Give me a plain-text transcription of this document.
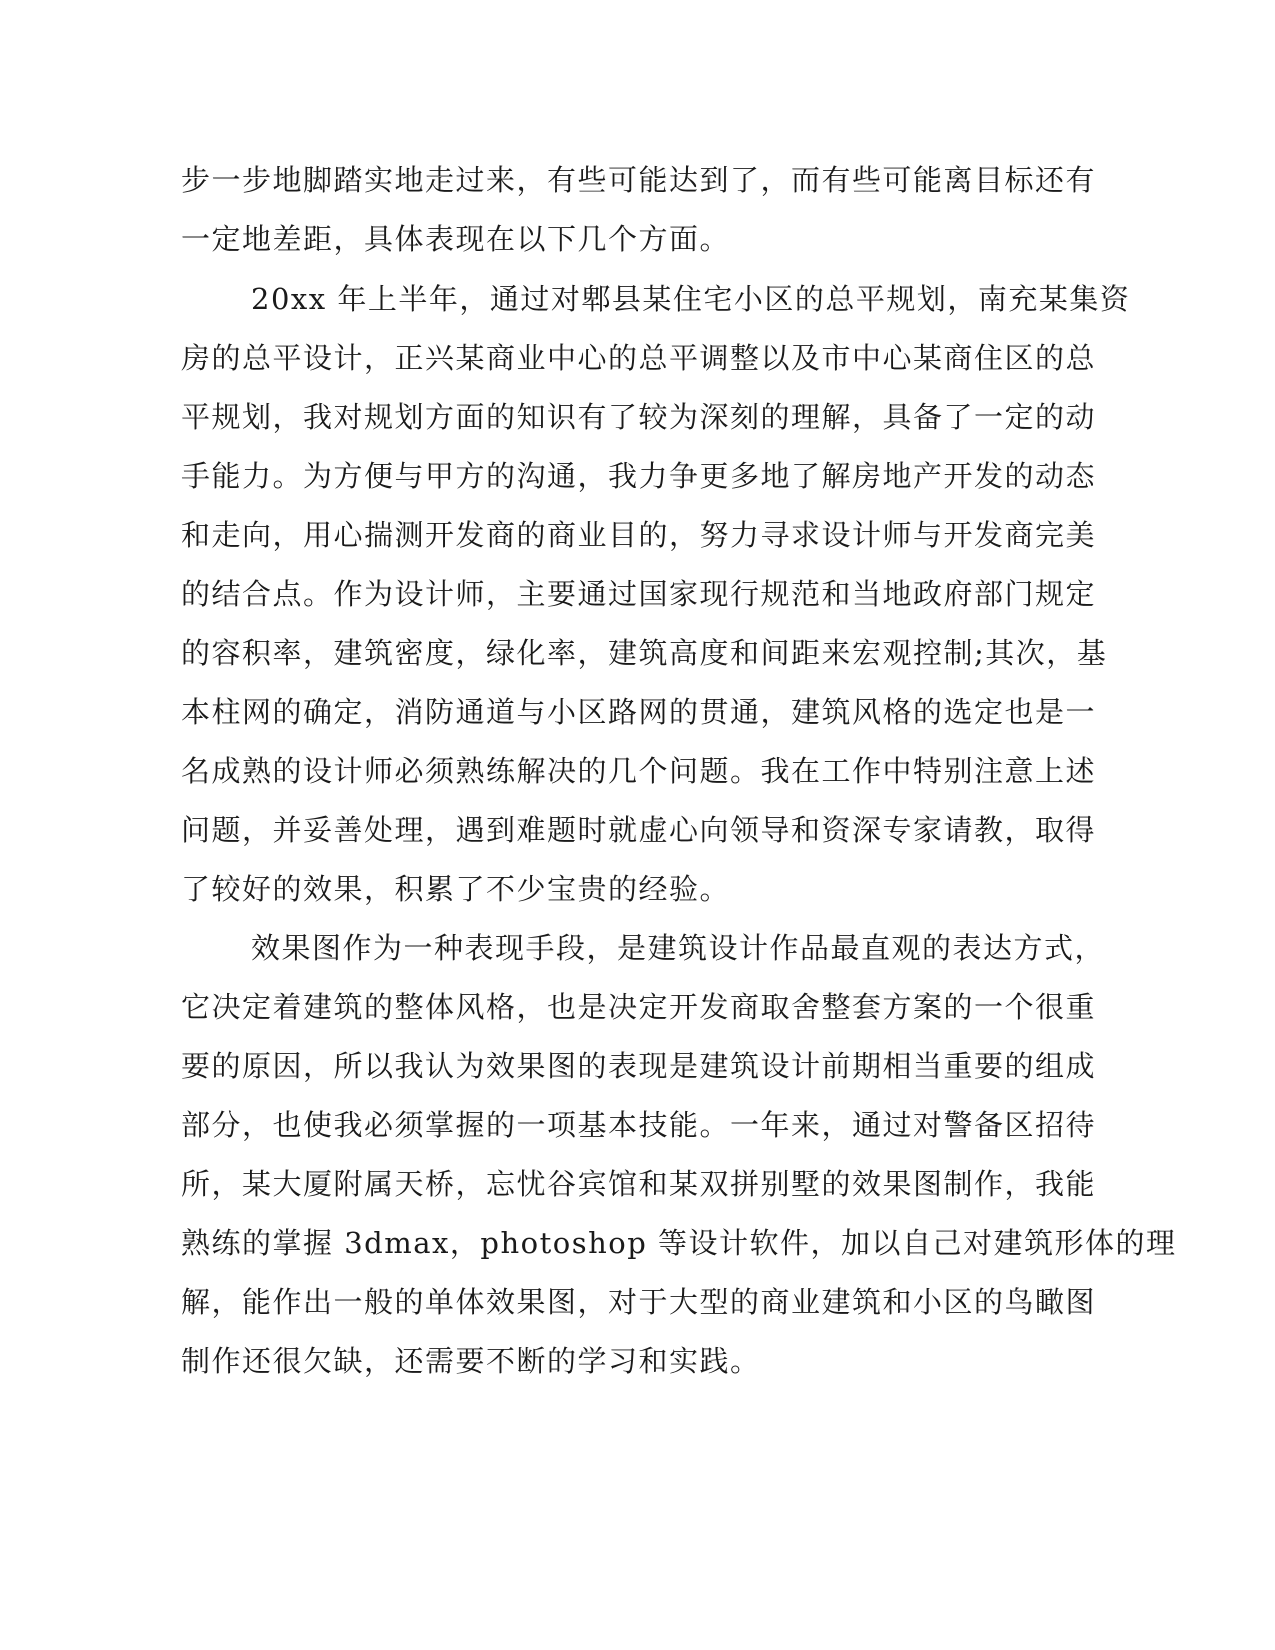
步一步地脚踏实地走过来，有些可能达到了，而有些可能离目标还有
一定地差距，具体表现在以下几个方面。
20xx 年上半年，通过对郫县某住宅小区的总平规划，南充某集资
房的总平设计，正兴某商业中心的总平调整以及市中心某商住区的总
平规划，我对规划方面的知识有了较为深刻的理解，具备了一定的动
手能力。为方便与甲方的沟通，我力争更多地了解房地产开发的动态
和走向，用心揣测开发商的商业目的，努力寻求设计师与开发商完美
的结合点。作为设计师，主要通过国家现行规范和当地政府部门规定
的容积率，建筑密度，绿化率，建筑高度和间距来宏观控制;其次，基
本柱网的确定，消防通道与小区路网的贯通，建筑风格的选定也是一
名成熟的设计师必须熟练解决的几个问题。我在工作中特别注意上述
问题，并妥善处理，遇到难题时就虚心向领导和资深专家请教，取得
了较好的效果，积累了不少宝贵的经验。
效果图作为一种表现手段，是建筑设计作品最直观的表达方式，
它决定着建筑的整体风格，也是决定开发商取舍整套方案的一个很重
要的原因，所以我认为效果图的表现是建筑设计前期相当重要的组成
部分，也使我必须掌握的一项基本技能。一年来，通过对警备区招待
所，某大厦附属天桥，忘忧谷宾馆和某双拼别墅的效果图制作，我能
熟练的掌握 3dmax，photoshop 等设计软件，加以自己对建筑形体的理
解，能作出一般的单体效果图，对于大型的商业建筑和小区的鸟瞰图
制作还很欠缺，还需要不断的学习和实践。
